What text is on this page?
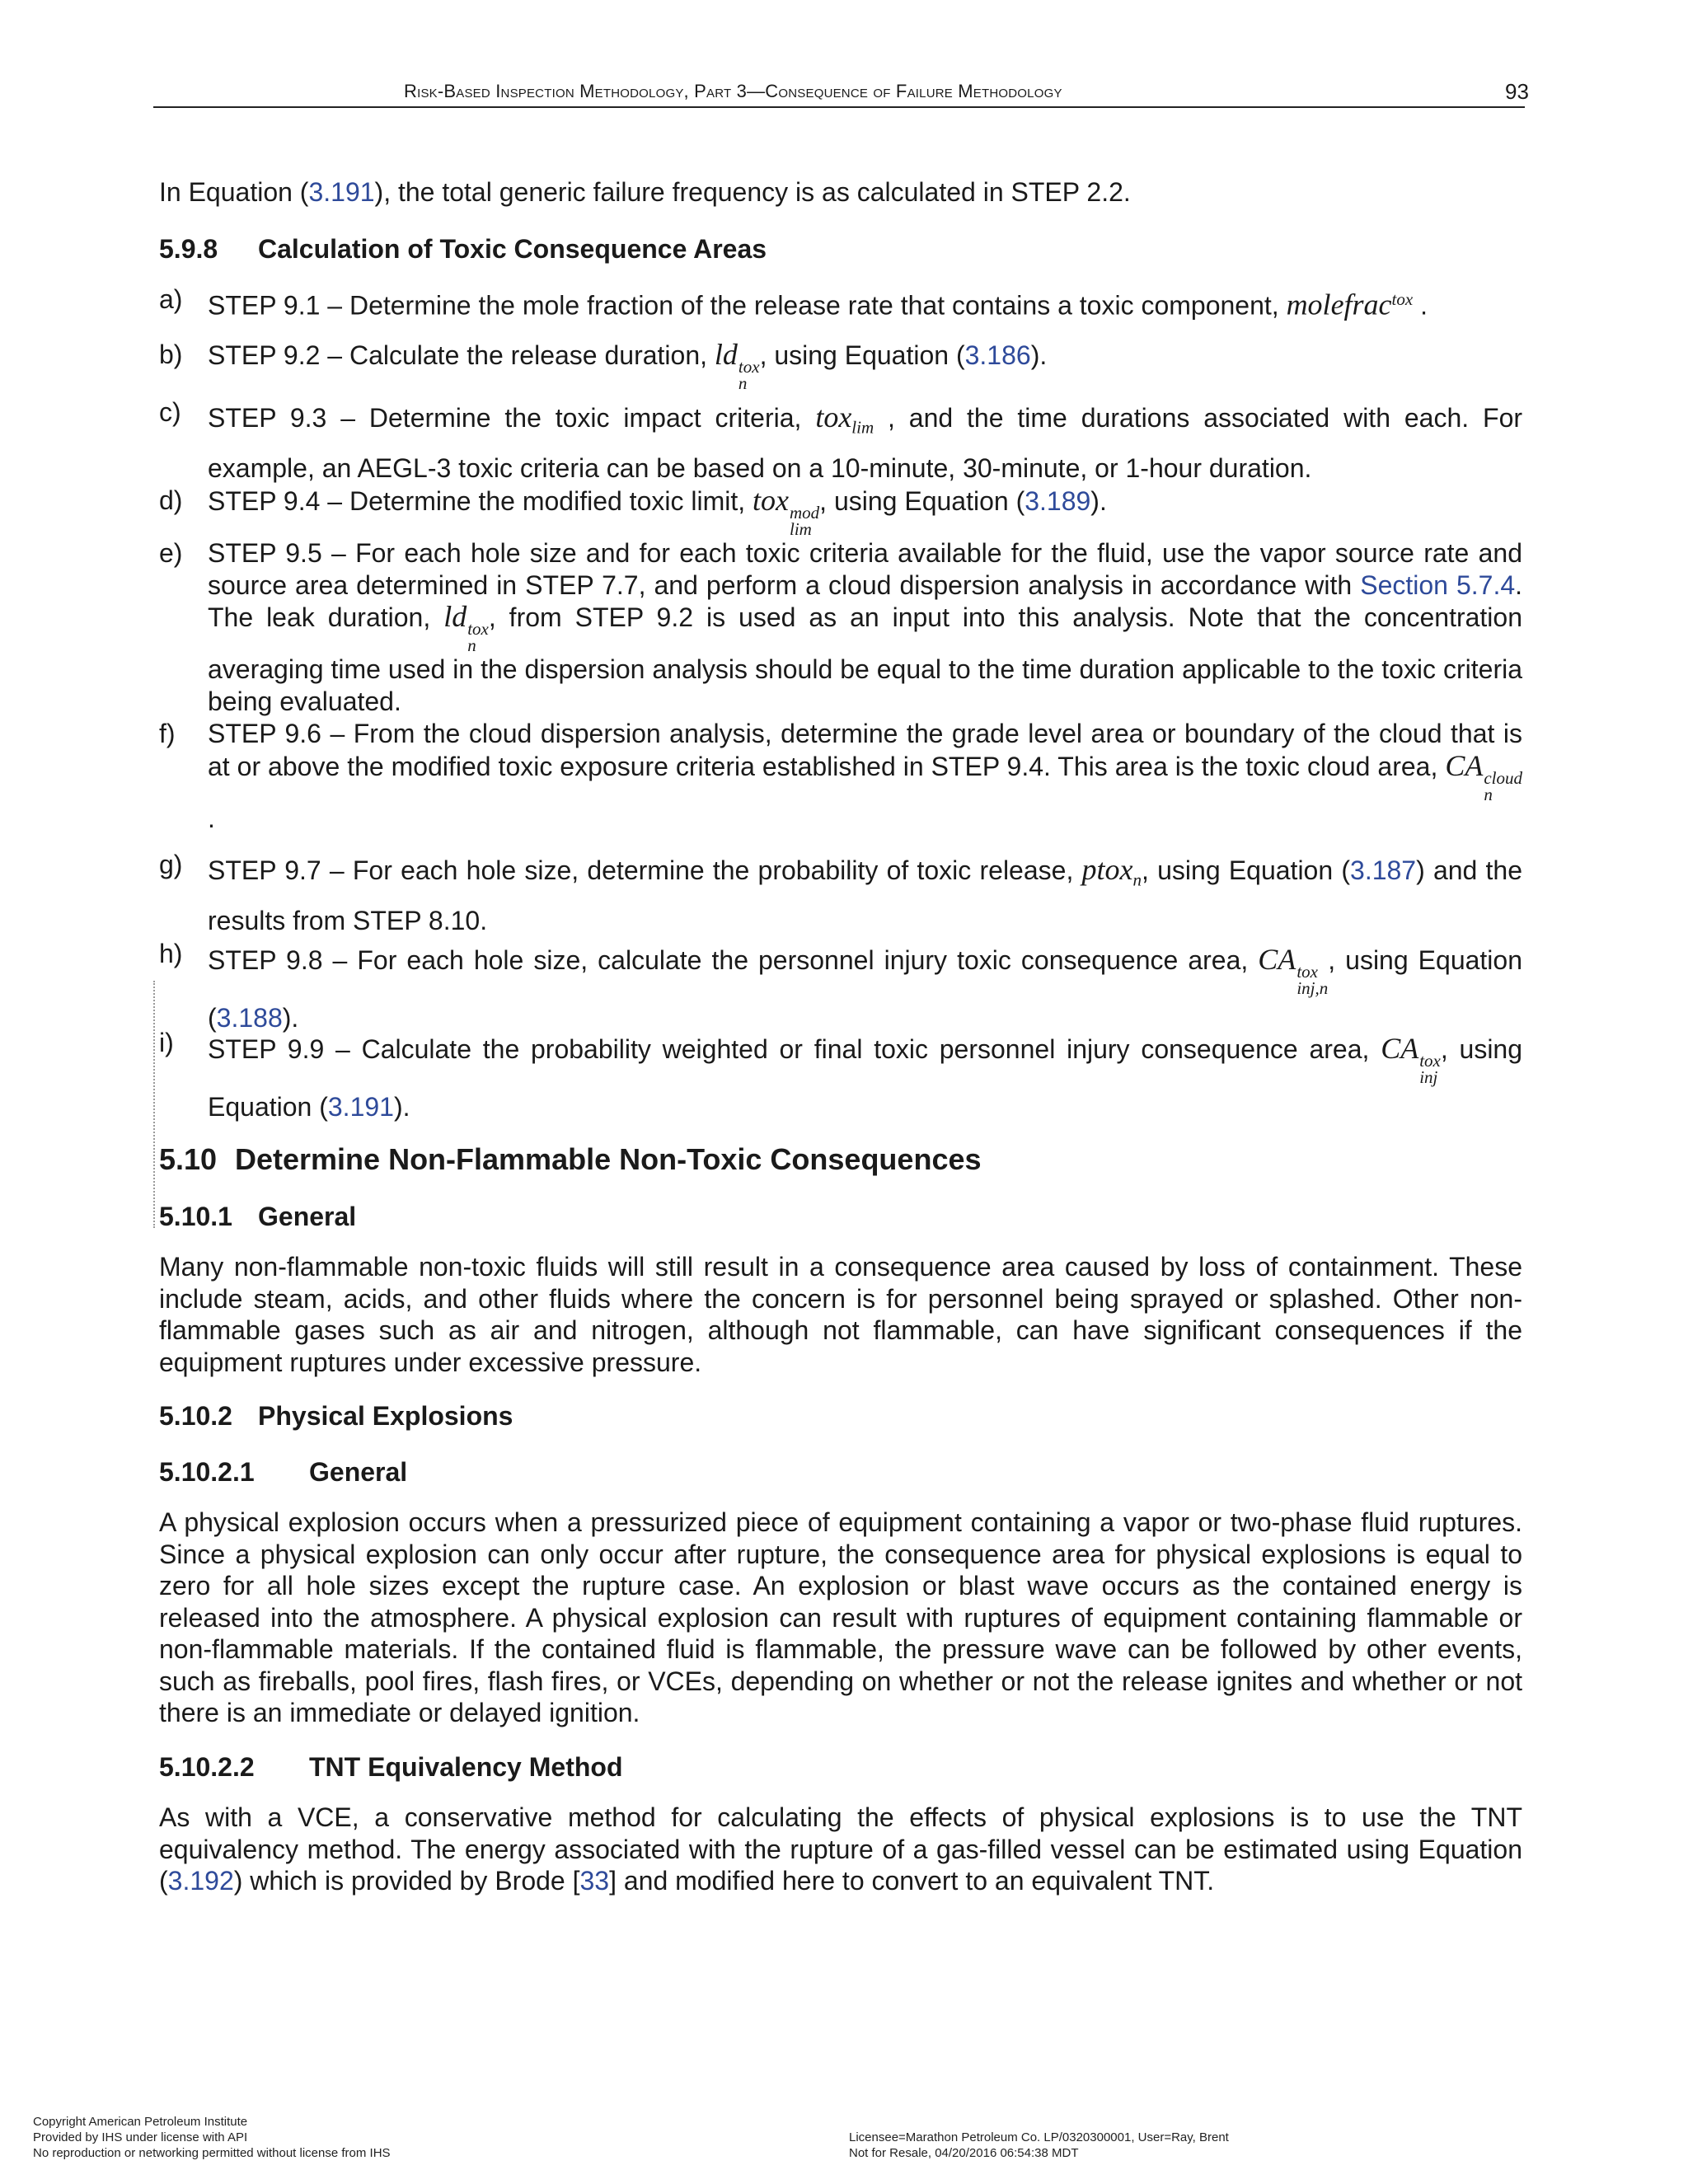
Risk-Based Inspection Methodology, Part 3—Consequence of Failure Methodology	93
In Equation (3.191), the total generic failure frequency is as calculated in STEP 2.2.
5.9.8 Calculation of Toxic Consequence Areas
a) STEP 9.1 – Determine the mole fraction of the release rate that contains a toxic component, molefrac$^{tox}$ .
b) STEP 9.2 – Calculate the release duration, ld tox
n
, using Equation (3.186).
c) STEP 9.3 – Determine the toxic impact criteria, tox$_{lim}$ , and the time durations associated with each. For example, an AEGL-3 toxic criteria can be based on a 10-minute, 30-minute, or 1-hour duration.
d) STEP 9.4 – Determine the modified toxic limit, tox mod
lim
, using Equation (3.189).
e) STEP 9.5 – For each hole size and for each toxic criteria available for the fluid, use the vapor source rate and source area determined in STEP 7.7, and perform a cloud dispersion analysis in accordance with Section 5.7.4. The leak duration, ld tox
n
, from STEP 9.2 is used as an input into this analysis. Note that the concentration averaging time used in the dispersion analysis should be equal to the time duration applicable to the toxic criteria being evaluated.
f) STEP 9.6 – From the cloud dispersion analysis, determine the grade level area or boundary of the cloud that is at or above the modified toxic exposure criteria established in STEP 9.4. This area is the toxic cloud area, CA cloud
n
.
g) STEP 9.7 – For each hole size, determine the probability of toxic release, ptox$_n$, using Equation (3.187) and the results from STEP 8.10.
h) STEP 9.8 – For each hole size, calculate the personnel injury toxic consequence area, CA tox
inj,n
, using Equation (3.188).
i) STEP 9.9 – Calculate the probability weighted or final toxic personnel injury consequence area, CA tox
inj
, using Equation (3.191).
5.10 Determine Non-Flammable Non-Toxic Consequences
5.10.1 General
Many non-flammable non-toxic fluids will still result in a consequence area caused by loss of containment. These include steam, acids, and other fluids where the concern is for personnel being sprayed or splashed. Other non-flammable gases such as air and nitrogen, although not flammable, can have significant consequences if the equipment ruptures under excessive pressure.
5.10.2 Physical Explosions
5.10.2.1 General
A physical explosion occurs when a pressurized piece of equipment containing a vapor or two-phase fluid ruptures. Since a physical explosion can only occur after rupture, the consequence area for physical explosions is equal to zero for all hole sizes except the rupture case. An explosion or blast wave occurs as the contained energy is released into the atmosphere. A physical explosion can result with ruptures of equipment containing flammable or non-flammable materials. If the contained fluid is flammable, the pressure wave can be followed by other events, such as fireballs, pool fires, flash fires, or VCEs, depending on whether or not the release ignites and whether or not there is an immediate or delayed ignition.
5.10.2.2 TNT Equivalency Method
As with a VCE, a conservative method for calculating the effects of physical explosions is to use the TNT equivalency method. The energy associated with the rupture of a gas-filled vessel can be estimated using Equation (3.192) which is provided by Brode [33] and modified here to convert to an equivalent TNT.
Copyright American Petroleum Institute
Provided by IHS under license with API
No reproduction or networking permitted without license from IHS
Licensee=Marathon Petroleum Co. LP/0320300001, User=Ray, Brent
Not for Resale, 04/20/2016 06:54:38 MDT
